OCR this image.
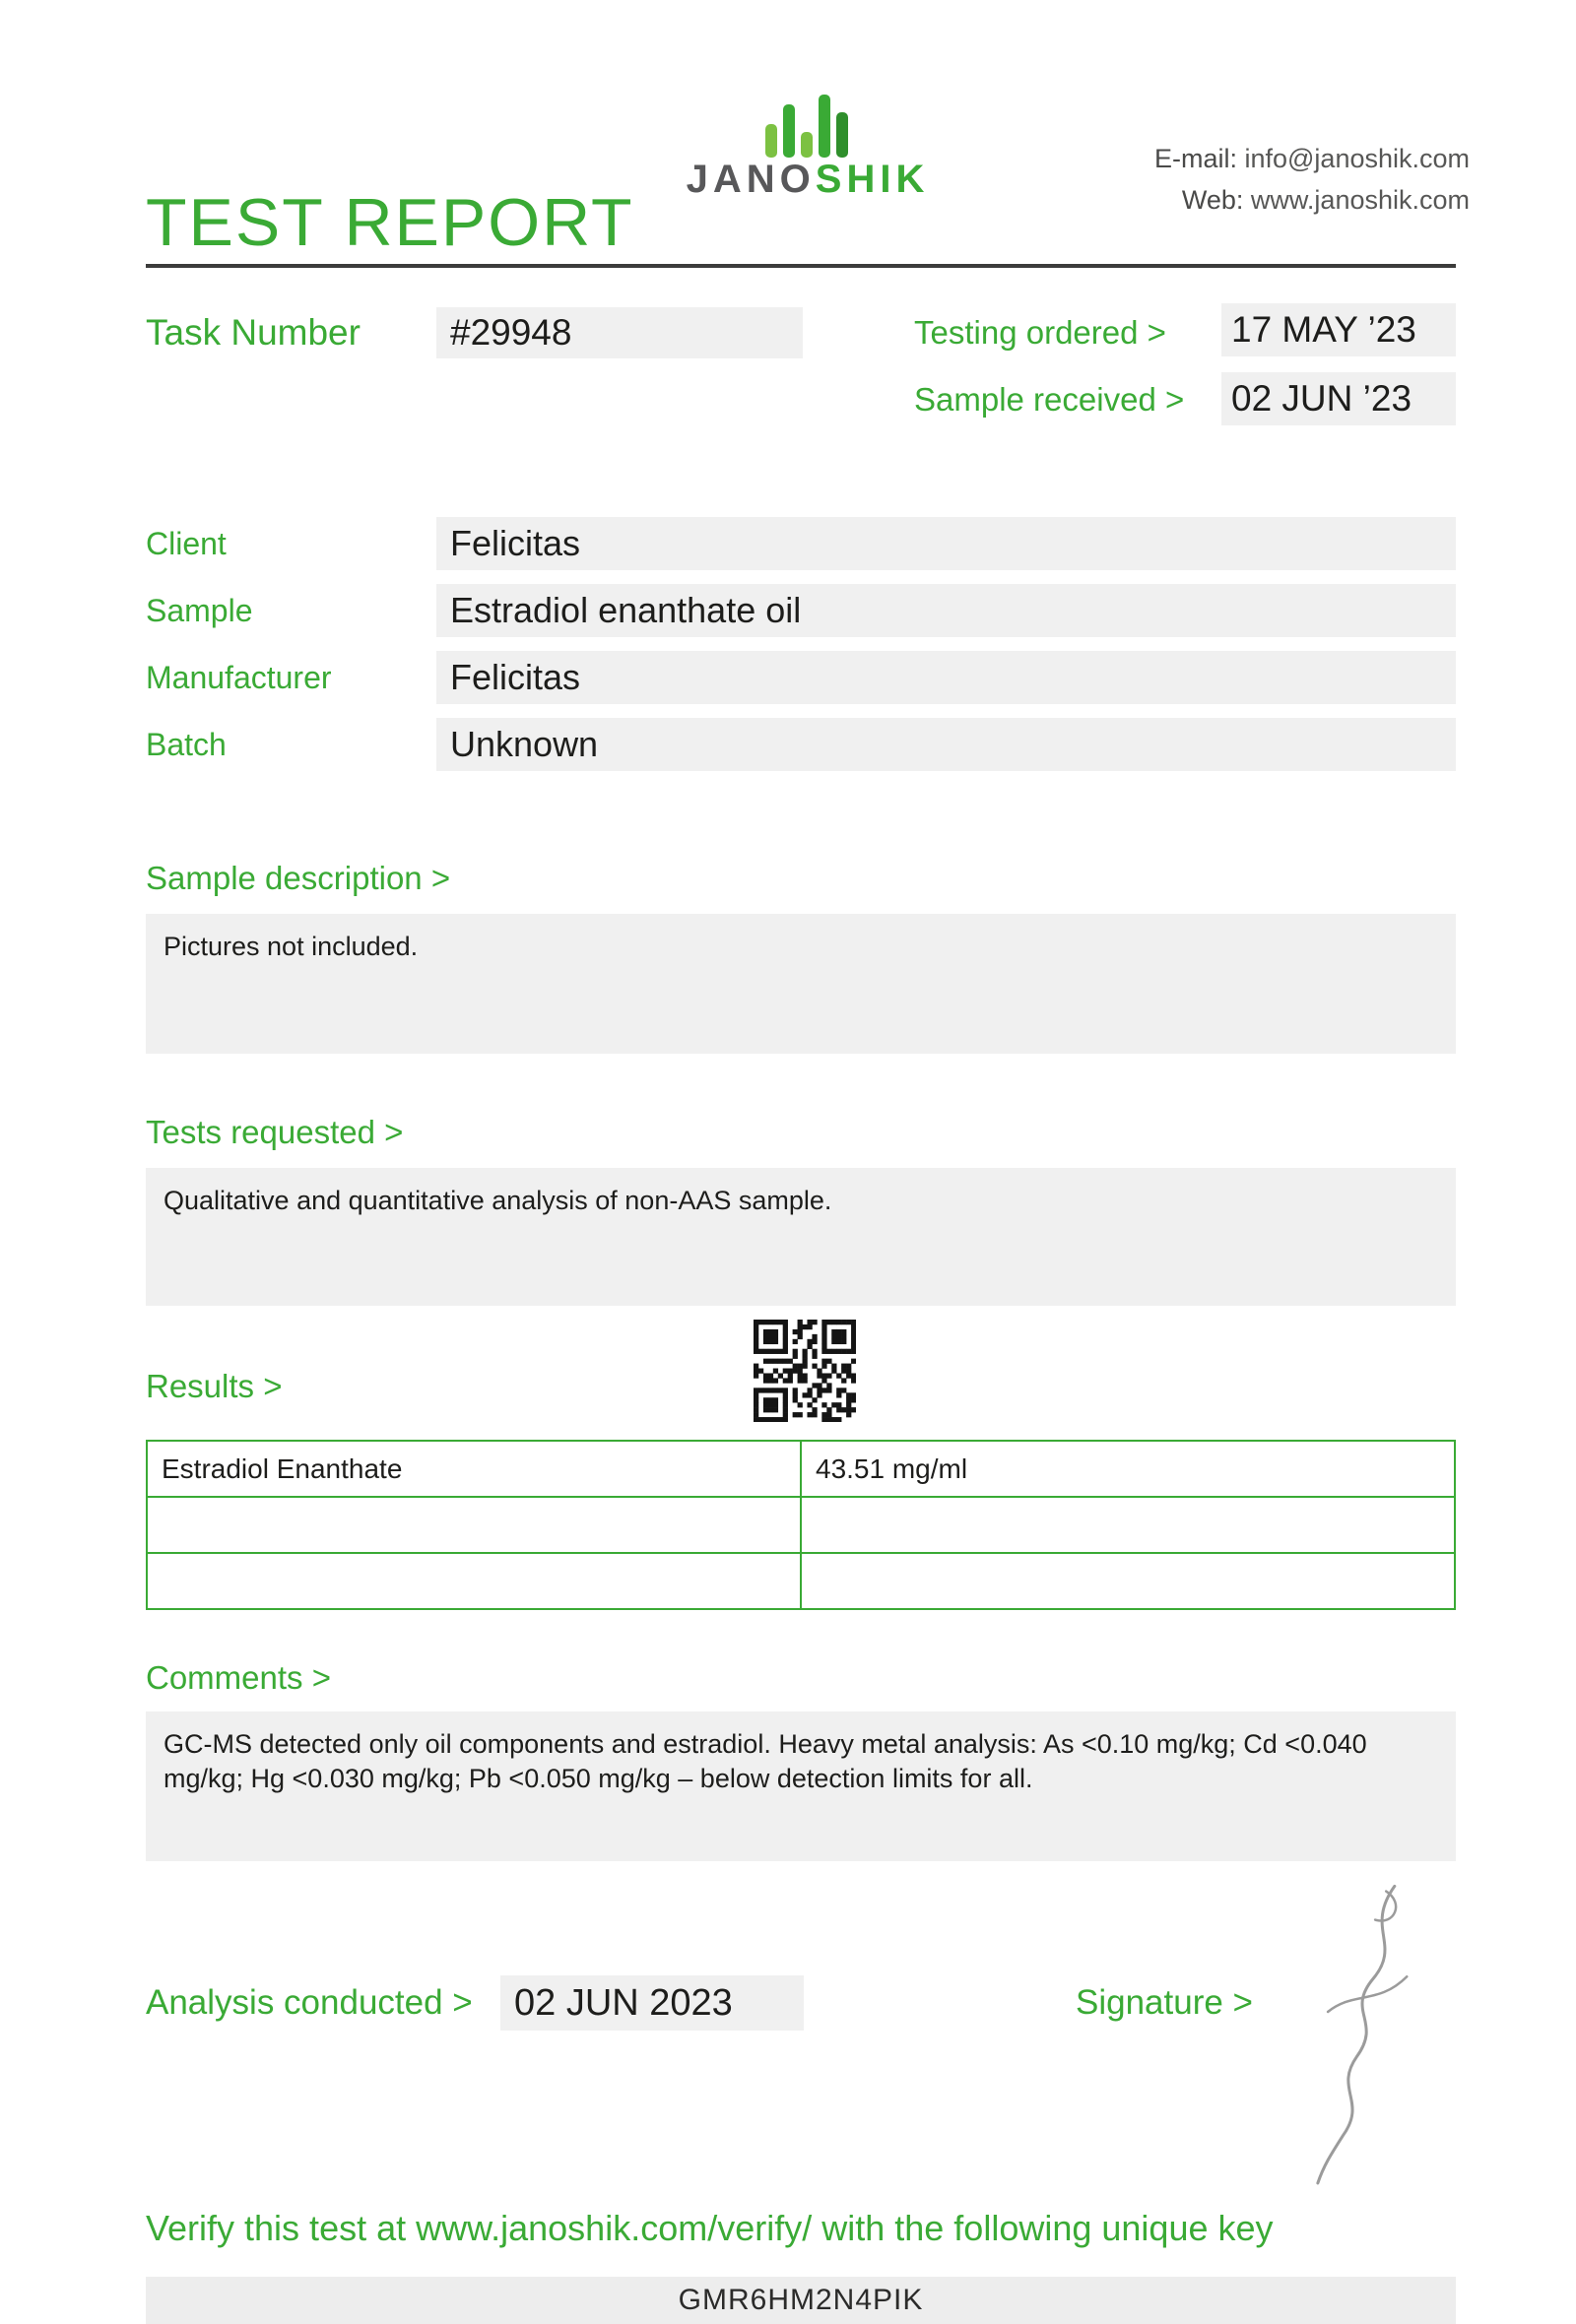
TEST REPORT
JANOSHIK	E-mail: info@janoshik.com
Web: www.janoshik.com
Task Number	#29948	Testing ordered > 17 MAY ’23
Sample received > 02 JUN ’23
Client	Felicitas
Sample	Estradiol enanthate oil
Manufacturer	Felicitas
Batch	Unknown
Sample description >
Pictures not included.
Tests requested >
Qualitative and quantitative analysis of non-AAS sample.
Results >
Estradiol Enanthate	43.51 mg/ml

Comments >
GC-MS detected only oil components and estradiol. Heavy metal analysis: As <0.10 mg/kg; Cd <0.040 mg/kg; Hg <0.030 mg/kg; Pb <0.050 mg/kg – below detection limits for all.
Analysis conducted >	02 JUN 2023	Signature >
Verify this test at www.janoshik.com/verify/ with the following unique key
GMR6HM2N4PIK
